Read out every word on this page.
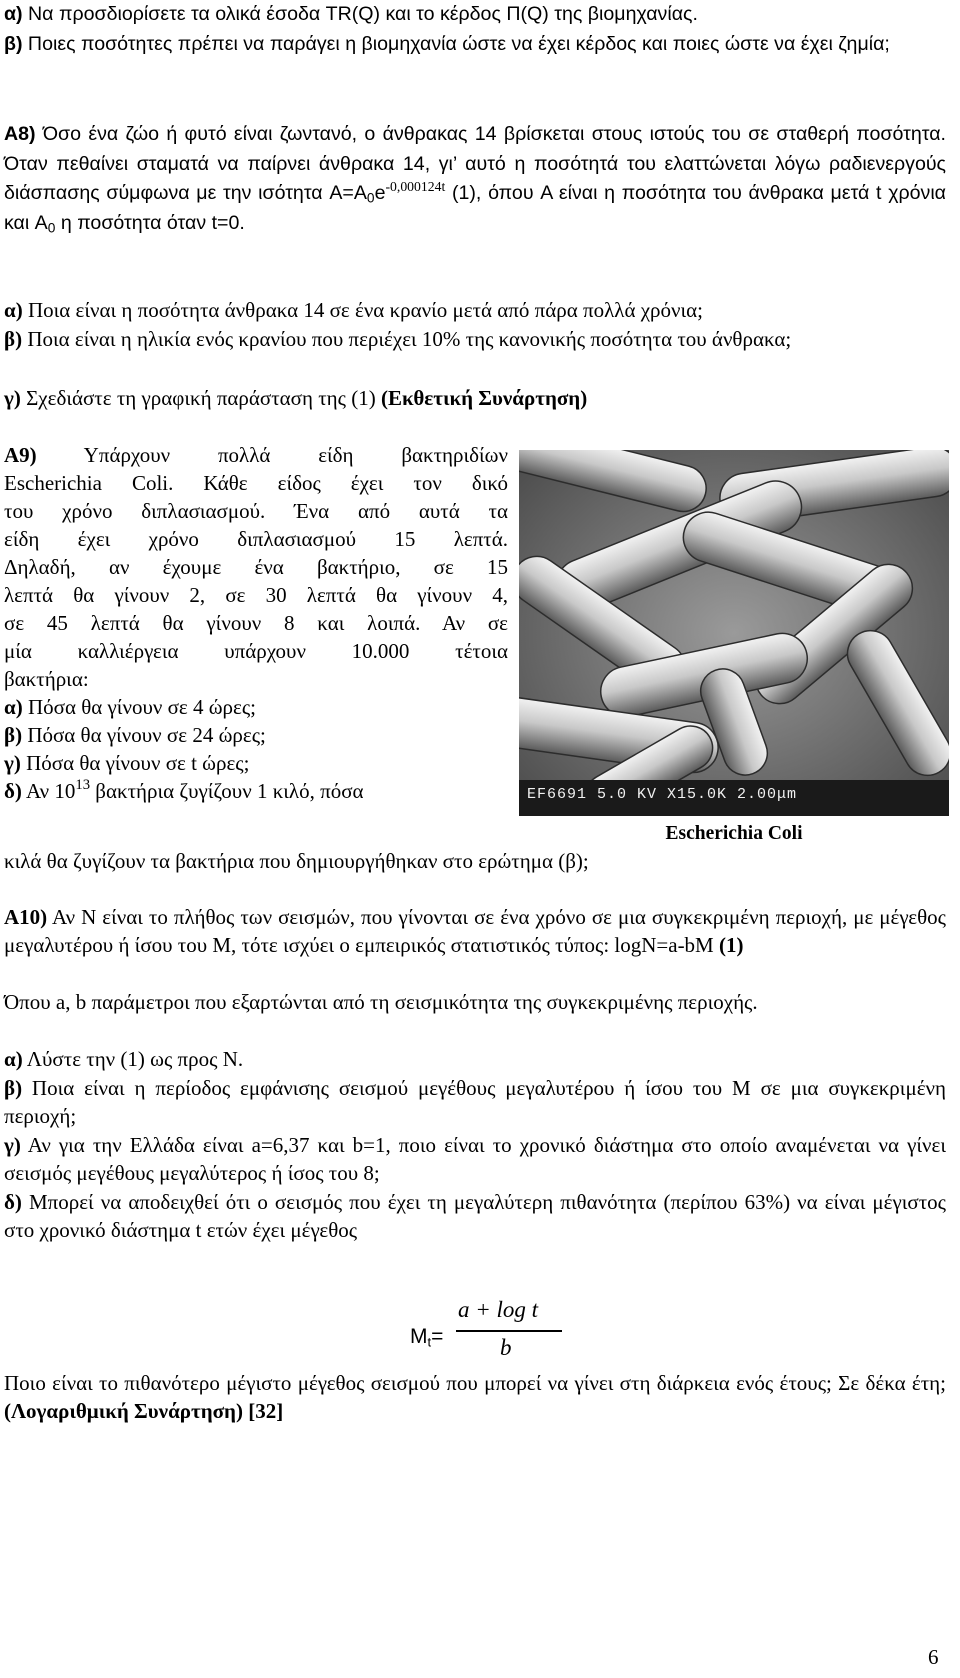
α) Να προσδιορίσετε τα ολικά έσοδα TR(Q) και το κέρδος Π(Q) της βιομηχανίας.

β) Ποιες ποσότητες πρέπει να παράγει η βιομηχανία ώστε να έχει κέρδος και ποιες ώστε να έχει ζημία;

Α8) Όσο ένα ζώο ή φυτό είναι ζωντανό, ο άνθρακας 14 βρίσκεται στους ιστούς του σε σταθερή ποσότητα. Όταν πεθαίνει σταματά να παίρνει άνθρακα 14, γι’ αυτό η ποσότητά του ελαττώνεται λόγω ραδιενεργούς διάσπασης σύμφωνα με την ισότητα $A=A_0e^{-0,000124t}$ (1), όπου A είναι η ποσότητα του άνθρακα μετά t χρόνια και $A_0$ η ποσότητα όταν t=0.

α) Ποια είναι η ποσότητα άνθρακα 14 σε ένα κρανίο μετά από πάρα πολλά χρόνια;

β) Ποια είναι η ηλικία ενός κρανίου που περιέχει 10% της κανονικής ποσότητα του άνθρακα;

γ) Σχεδιάστε τη γραφική παράσταση της (1) (Εκθετική Συνάρτηση)

Α9) Υπάρχουν πολλά είδη βακτηριδίων
Escherichia Coli. Κάθε είδος έχει τον δικό
του χρόνο διπλασιασμού. Ένα από αυτά τα
είδη έχει χρόνο διπλασιασμού 15 λεπτά.
Δηλαδή, αν έχουμε ένα βακτήριο, σε 15
λεπτά θα γίνουν 2, σε 30 λεπτά θα γίνουν 4,
σε 45 λεπτά θα γίνουν 8 και λοιπά. Αν σε
μία καλλιέργεια υπάρχουν 10.000 τέτοια
βακτήρια:
α) Πόσα θα γίνουν σε 4 ώρες;
β) Πόσα θα γίνουν σε 24 ώρες;
γ) Πόσα θα γίνουν σε t ώρες;
δ) Αν $10^{13}$ βακτήρια ζυγίζουν 1 κιλό, πόσα

κιλά θα ζυγίζουν τα βακτήρια που δημιουργήθηκαν στο ερώτημα (β);

EF6691 5.0 KV X15.0K 2.00μm
Escherichia Coli

Α10) Αν N είναι το πλήθος των σεισμών, που γίνονται σε ένα χρόνο σε μια συγκεκριμένη περιοχή, με μέγεθος μεγαλυτέρου ή ίσου του M, τότε ισχύει ο εμπειρικός στατιστικός τύπος: logN=a-bM (1)

Όπου a, b παράμετροι που εξαρτώνται από τη σεισμικότητα της συγκεκριμένης περιοχής.

α) Λύστε την (1) ως προς N.

β) Ποια είναι η περίοδος εμφάνισης σεισμού μεγέθους μεγαλυτέρου ή ίσου του M σε μια συγκεκριμένη περιοχή;

γ) Αν για την Ελλάδα είναι a=6,37 και b=1, ποιο είναι το χρονικό διάστημα στο οποίο αναμένεται να γίνει σεισμός μεγέθους μεγαλύτερος ή ίσος του 8;

δ) Μπορεί να αποδειχθεί ότι ο σεισμός που έχει τη μεγαλύτερη πιθανότητα (περίπου 63%) να είναι μέγιστος στο χρονικό διάστημα t ετών έχει μέγεθος

$M_t=$
a + log t
b

Ποιο είναι το πιθανότερο μέγιστο μέγεθος σεισμού που μπορεί να γίνει στη διάρκεια ενός έτους; Σε δέκα έτη; (Λογαριθμική Συνάρτηση) [32]

6
